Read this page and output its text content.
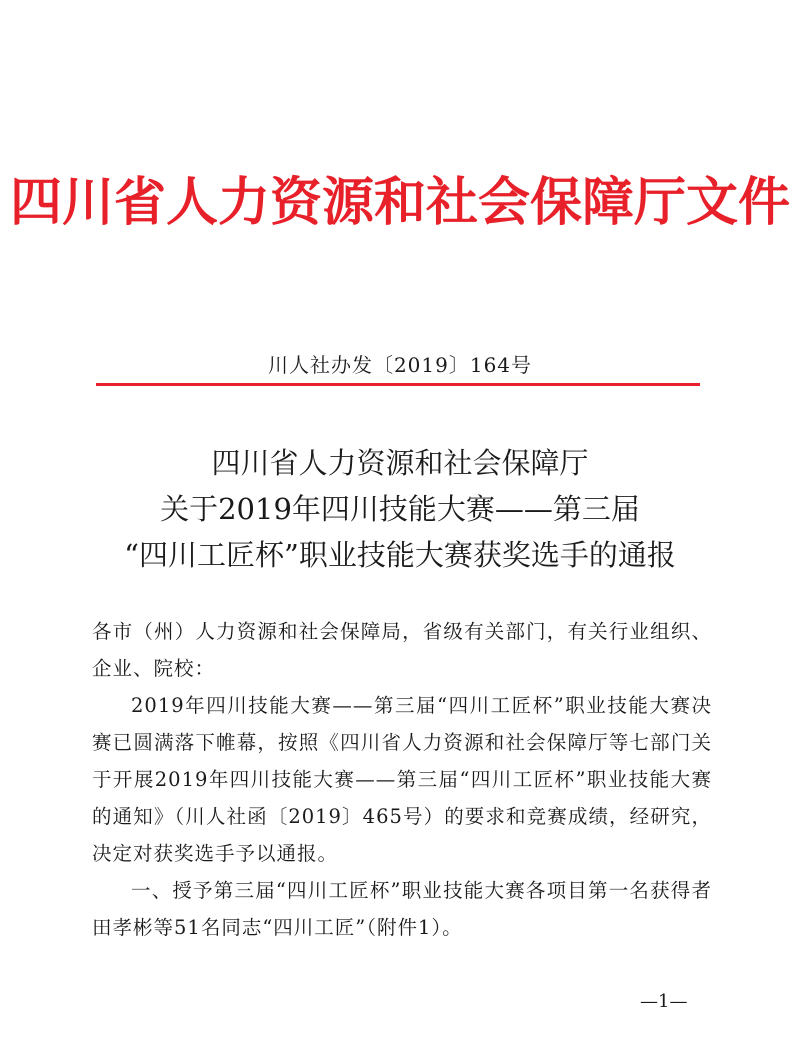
四川省人力资源和社会保障厅文件
川人社办发〔2019〕164号
四川省人力资源和社会保障厅
关于2019年四川技能大赛——第三届
“四川工匠杯”职业技能大赛获奖选手的通报

各市（州）人力资源和社会保障局，省级有关部门，有关行业组织、企业、院校：

2019年四川技能大赛——第三届“四川工匠杯”职业技能大赛决赛已圆满落下帷幕，按照《四川省人力资源和社会保障厅等七部门关于开展2019年四川技能大赛——第三届“四川工匠杯”职业技能大赛的通知》（川人社函〔2019〕465号）的要求和竞赛成绩，经研究，决定对获奖选手予以通报。

一、授予第三届“四川工匠杯”职业技能大赛各项目第一名获得者田孝彬等51名同志“四川工匠”（附件1）。

—1—
